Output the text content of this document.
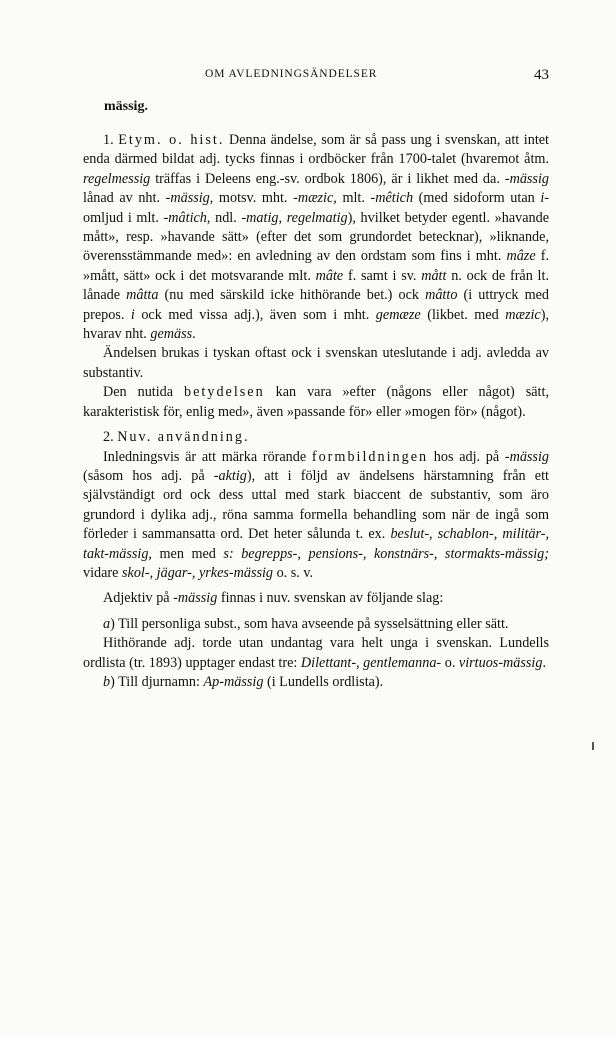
OM AVLEDNINGSÄNDELSER	43
mässig.

1. Etym. o. hist. Denna ändelse, som är så pass ung i svenskan, att intet enda därmed bildat adj. tycks finnas i ordböcker från 1700-talet (hvaremot åtm. regelmessig träffas i Deleens eng.-sv. ordbok 1806), är i likhet med da. -mässig lånad av nht. -mässig, motsv. mht. -mæzic, mlt. -mêtich (med sidoform utan i-omljud i mlt. -mâtich, ndl. -matig, regelmatig), hvilket betyder egentl. »havande mått», resp. »havande sätt» (efter det som grundordet betecknar), »liknande, överensstämmande med»: en avledning av den ordstam som fins i mht. mâze f. »mått, sätt» ock i det motsvarande mlt. mâte f. samt i sv. mått n. ock de från lt. lånade mâtta (nu med särskild icke hithörande bet.) ock mâtto (i uttryck med prepos. i ock med vissa adj.), även som i mht. gemæze (likbet. med mæzic), hvarav nht. gemäss.

Ändelsen brukas i tyskan oftast ock i svenskan uteslutande i adj. avledda av substantiv.

Den nutida betydelsen kan vara »efter (någons eller något) sätt, karakteristisk för, enlig med», även »passande för» eller »mogen för» (något).

2. Nuv. användning.

Inledningsvis är att märka rörande formbildningen hos adj. på -mässig (såsom hos adj. på -aktig), att i följd av ändelsens härstamning från ett självständigt ord ock dess uttal med stark biaccent de substantiv, som äro grundord i dylika adj., röna samma formella behandling som när de ingå som förleder i sammansatta ord. Det heter sålunda t. ex. beslut-, schablon-, militär-, takt-mässig, men med s: begrepps-, pensions-, konstnärs-, stormakts-mässig; vidare skol-, jägar-, yrkes-mässig o. s. v.

Adjektiv på -mässig finnas i nuv. svenskan av följande slag:

a) Till personliga subst., som hava avseende på sysselsättning eller sätt.

Hithörande adj. torde utan undantag vara helt unga i svenskan. Lundells ordlista (tr. 1893) upptager endast tre: Dilettant-, gentlemanna- o. virtuos-mässig.

b) Till djurnamn: Ap-mässig (i Lundells ordlista).
